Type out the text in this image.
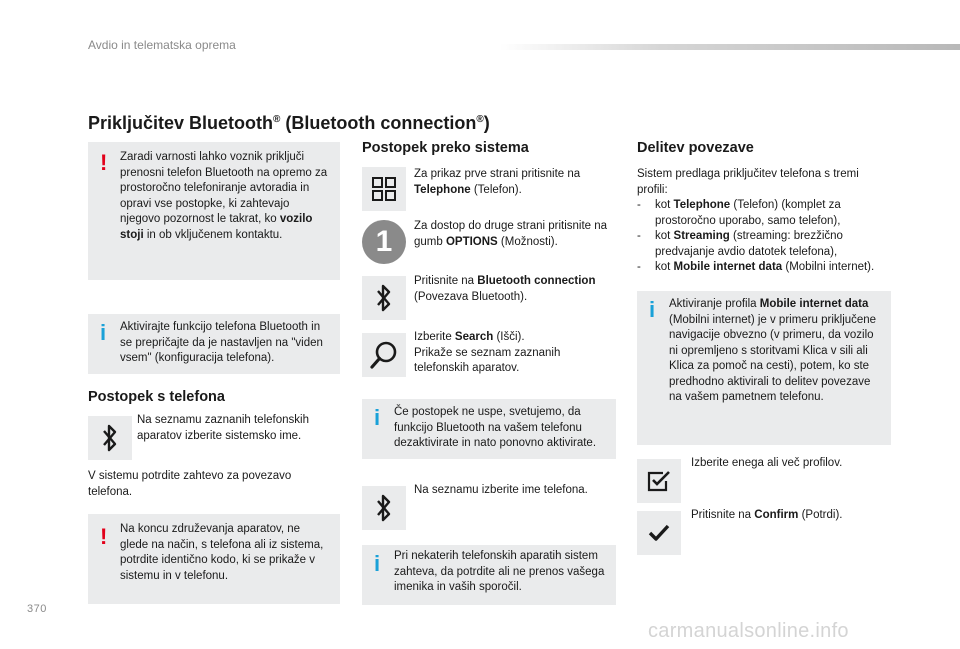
Avdio in telematska oprema
Priključitev Bluetooth® (Bluetooth connection®)
! Zaradi varnosti lahko voznik priključi prenosni telefon Bluetooth na opremo za prostoročno telefoniranje avtoradia in opravi vse postopke, ki zahtevajo njegovo pozornost le takrat, ko vozilo stoji in ob vključenem kontaktu.
i Aktivirajte funkcijo telefona Bluetooth in se prepričajte da je nastavljen na "viden vsem" (konfiguracija telefona).
Postopek s telefona
Na seznamu zaznanih telefonskih aparatov izberite sistemsko ime.
V sistemu potrdite zahtevo za povezavo telefona.
! Na koncu združevanja aparatov, ne glede na način, s telefona ali iz sistema, potrdite identično kodo, ki se prikaže v sistemu in v telefonu.
Postopek preko sistema
Za prikaz prve strani pritisnite na Telephone (Telefon).
1	Za dostop do druge strani pritisnite na gumb OPTIONS (Možnosti).
Pritisnite na Bluetooth connection (Povezava Bluetooth).
Izberite Search (Išči).
Prikaže se seznam zaznanih telefonskih aparatov.
i Če postopek ne uspe, svetujemo, da funkcijo Bluetooth na vašem telefonu dezaktivirate in nato ponovno aktivirate.
Na seznamu izberite ime telefona.
i Pri nekaterih telefonskih aparatih sistem zahteva, da potrdite ali ne prenos vašega imenika in vaših sporočil.
Delitev povezave
Sistem predlaga priključitev telefona s tremi profili:
- kot Telephone (Telefon) (komplet za prostoročno uporabo, samo telefon),
- kot Streaming (streaming: brezžično predvajanje avdio datotek telefona),
- kot Mobile internet data (Mobilni internet).
i Aktiviranje profila Mobile internet data (Mobilni internet) je v primeru priključene navigacije obvezno (v primeru, da vozilo ni opremljeno s storitvami Klica v sili ali Klica za pomoč na cesti), potem, ko ste predhodno aktivirali to delitev povezave na vašem pametnem telefonu.
Izberite enega ali več profilov.
Pritisnite na Confirm (Potrdi).
370
carmanualsonline.info
